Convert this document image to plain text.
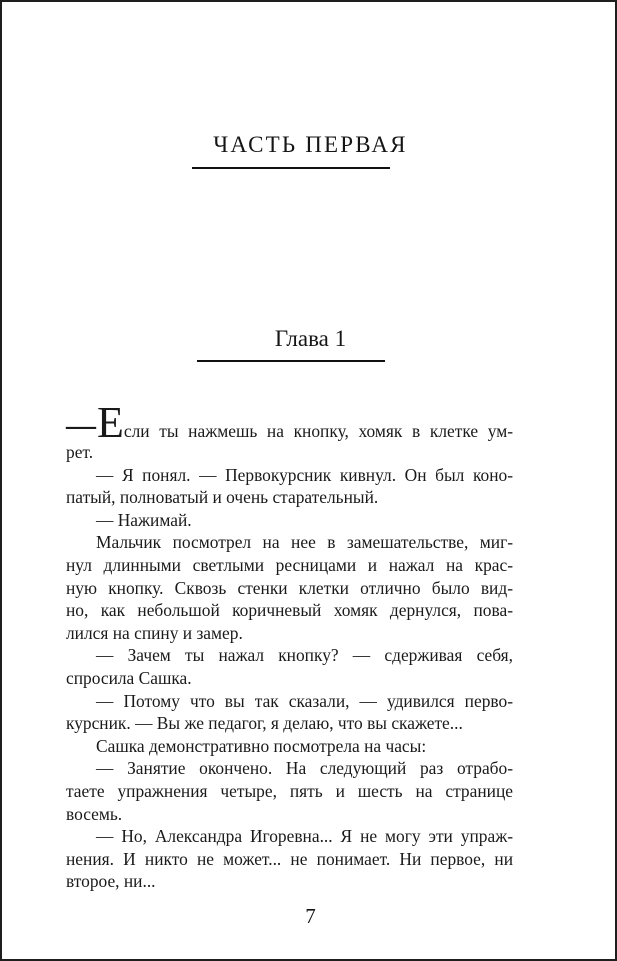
ЧАСТЬ ПЕРВАЯ
Глава 1
— Е сли ты нажмешь на кнопку, хомяк в клетке ум-
рет.
— Я понял. — Первокурсник кивнул. Он был коно-
патый, полноватый и очень старательный.
— Нажимай.
Мальчик посмотрел на нее в замешательстве, миг-
нул длинными светлыми ресницами и нажал на крас-
ную кнопку. Сквозь стенки клетки отлично было вид-
но, как небольшой коричневый хомяк дернулся, пова-
лился на спину и замер.
— Зачем ты нажал кнопку? — сдерживая себя,
спросила Сашка.
— Потому что вы так сказали, — удивился перво-
курсник. — Вы же педагог, я делаю, что вы скажете...
Сашка демонстративно посмотрела на часы:
— Занятие окончено. На следующий раз отрабо-
таете упражнения четыре, пять и шесть на странице
восемь.
— Но, Александра Игоревна... Я не могу эти упраж-
нения. И никто не может... не понимает. Ни первое, ни
второе, ни...
7
